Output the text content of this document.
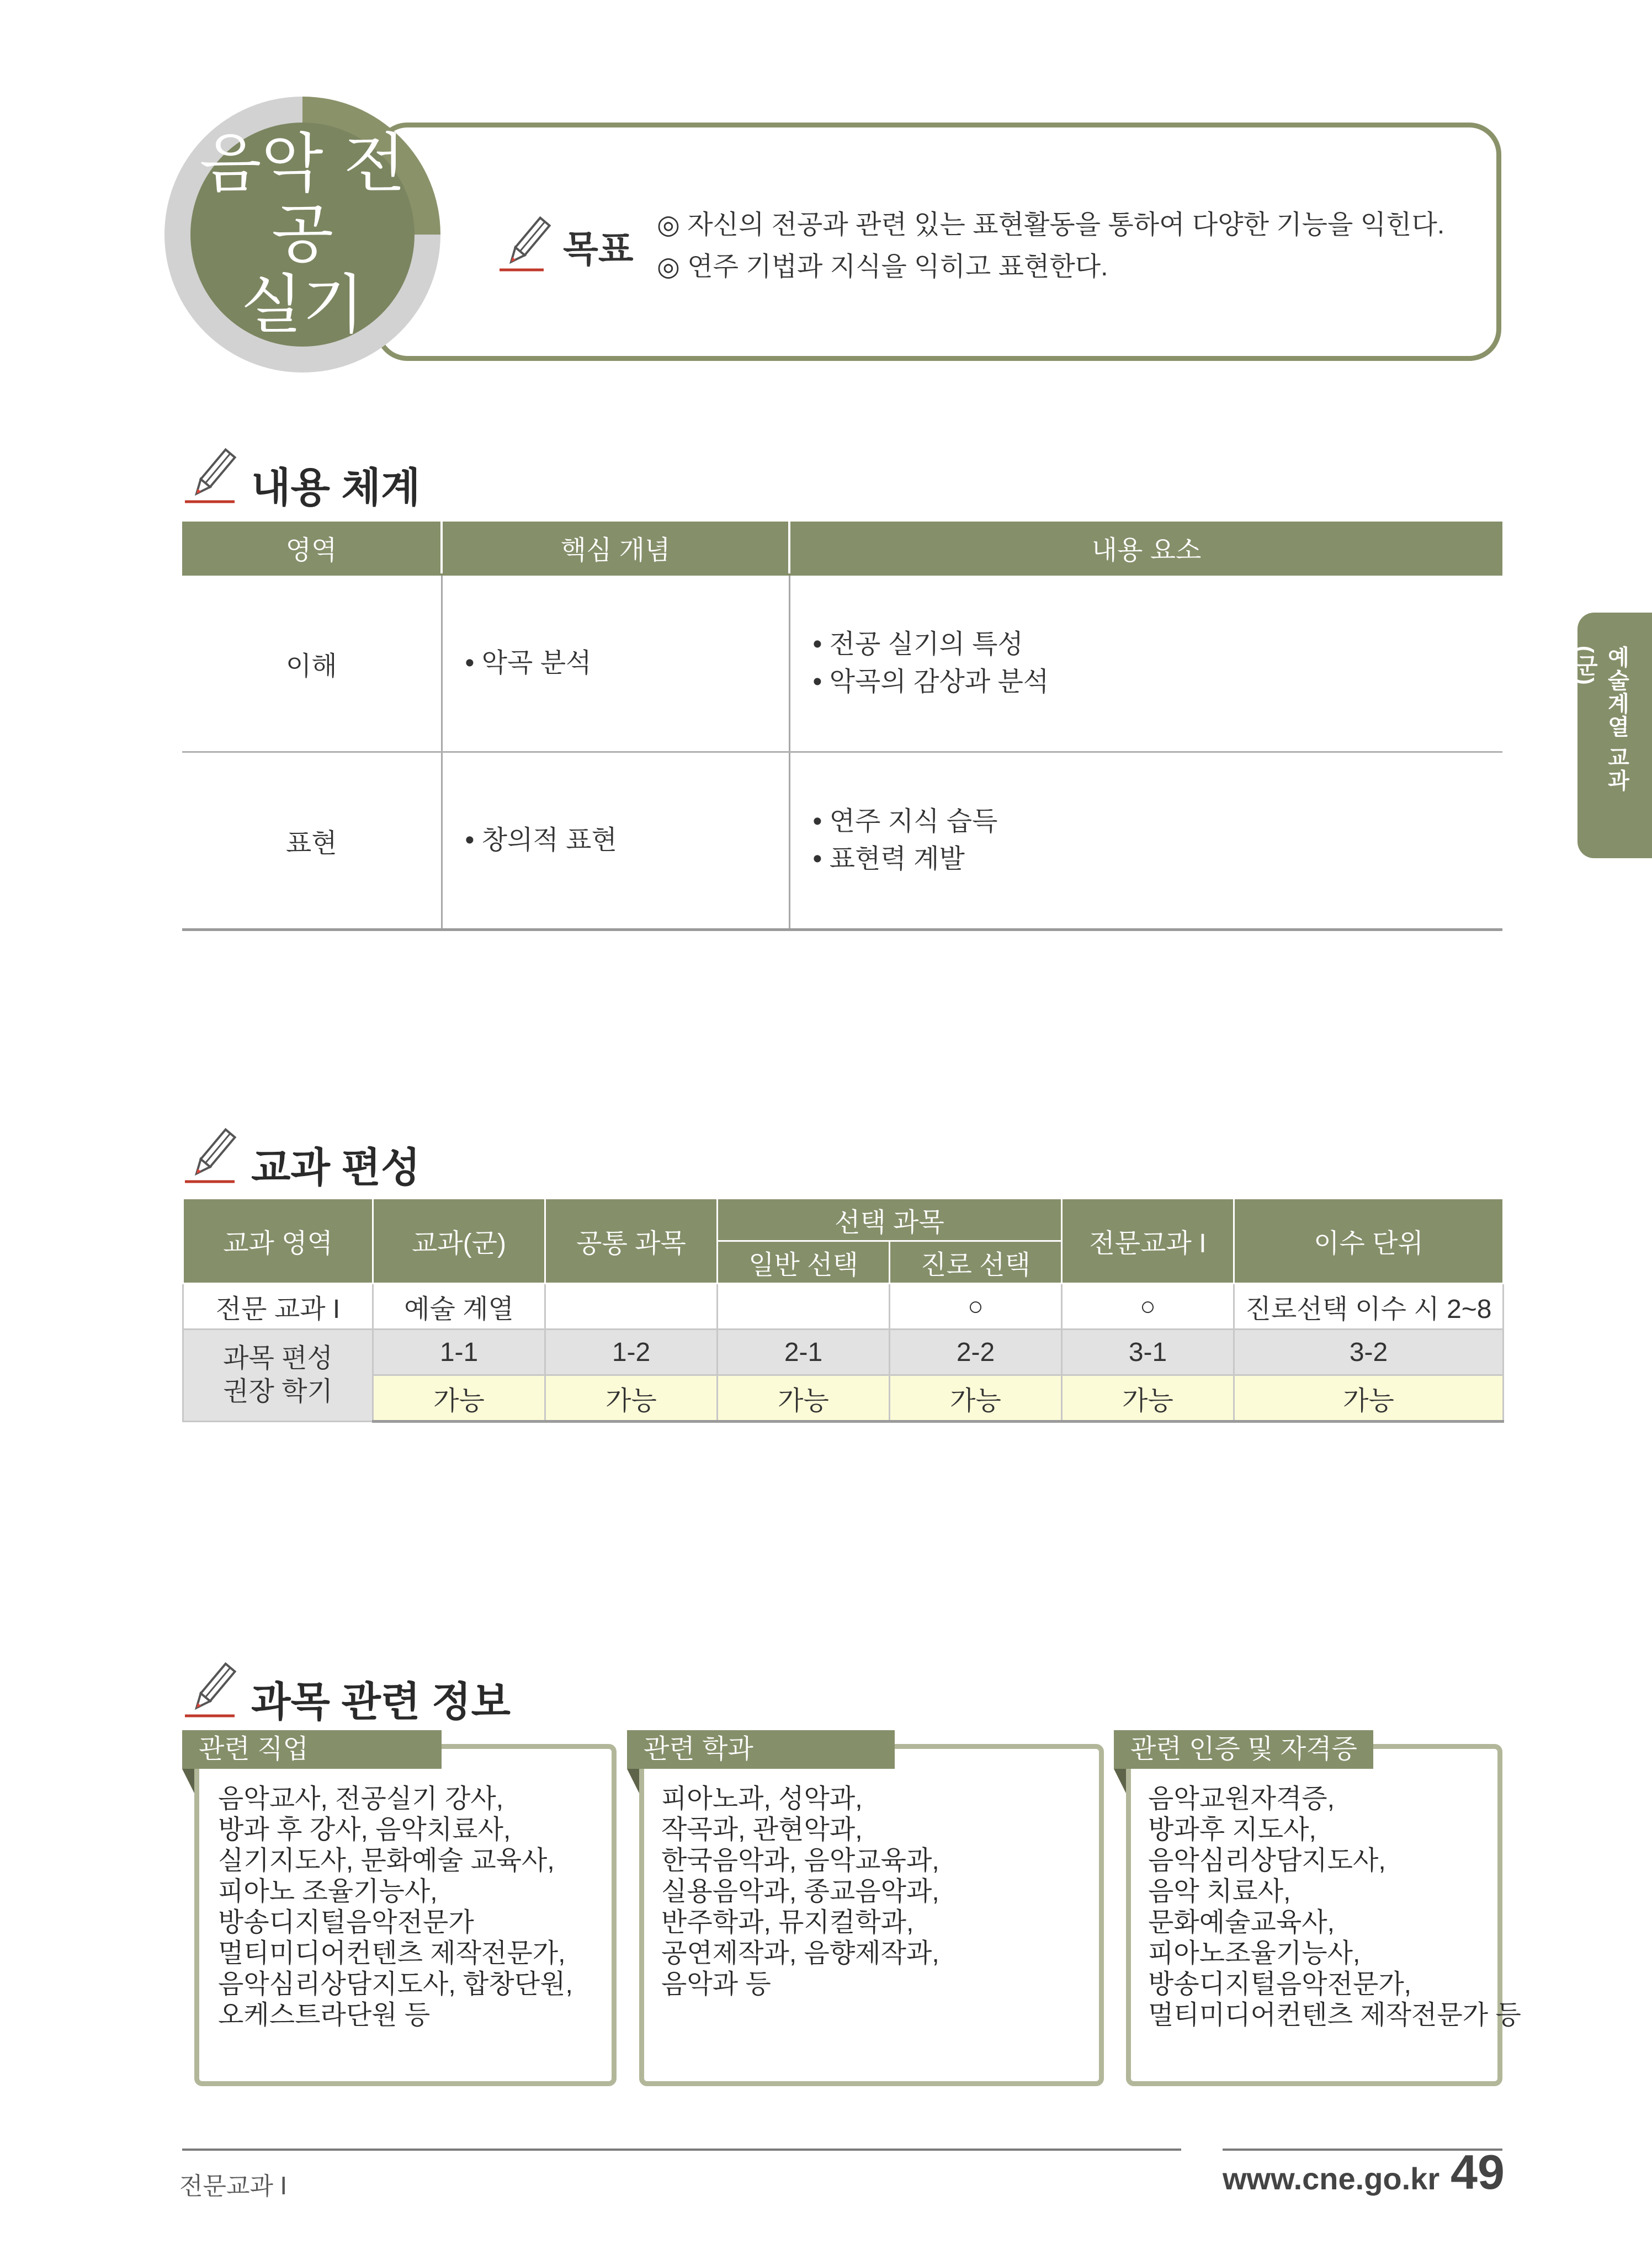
음악 전공
실기
목표
◎ 자신의 전공과 관련 있는 표현활동을 통하여 다양한 기능을 익힌다.
◎ 연주 기법과 지식을 익히고 표현한다.
예술계열 교과(군)
내용 체계
영역	핵심 개념	내용 요소
이해	• 악곡 분석	• 전공 실기의 특성
• 악곡의 감상과 분석

표현	• 창의적 표현	• 연주 지식 습득
• 표현력 계발
교과 편성
교과 영역	교과(군)	공통 과목	선택 과목		전문교과 I	이수 단위
			일반 선택	진로 선택		
전문 교과 I	예술 계열			○	○	진로선택 이수 시 2~8

과목 편성
권장 학기	1-1	1-2	2-1	2-2	3-1	3-2
	가능	가능	가능	가능	가능	가능
과목 관련 정보
관련 직업
음악교사, 전공실기 강사,
방과 후 강사, 음악치료사,
실기지도사, 문화예술 교육사,
피아노 조율기능사,
방송디지털음악전문가
멀티미디어컨텐츠 제작전문가,
음악심리상담지도사, 합창단원,
오케스트라단원 등
관련 학과
피아노과, 성악과,
작곡과, 관현악과,
한국음악과, 음악교육과,
실용음악과, 종교음악과,
반주학과, 뮤지컬학과,
공연제작과, 음향제작과,
음악과 등
관련 인증 및 자격증
음악교원자격증,
방과후 지도사,
음악심리상담지도사,
음악 치료사,
문화예술교육사,
피아노조율기능사,
방송디지털음악전문가,
멀티미디어컨텐츠 제작전문가 등
전문교과 Ⅰ	www.cne.go.kr 49
